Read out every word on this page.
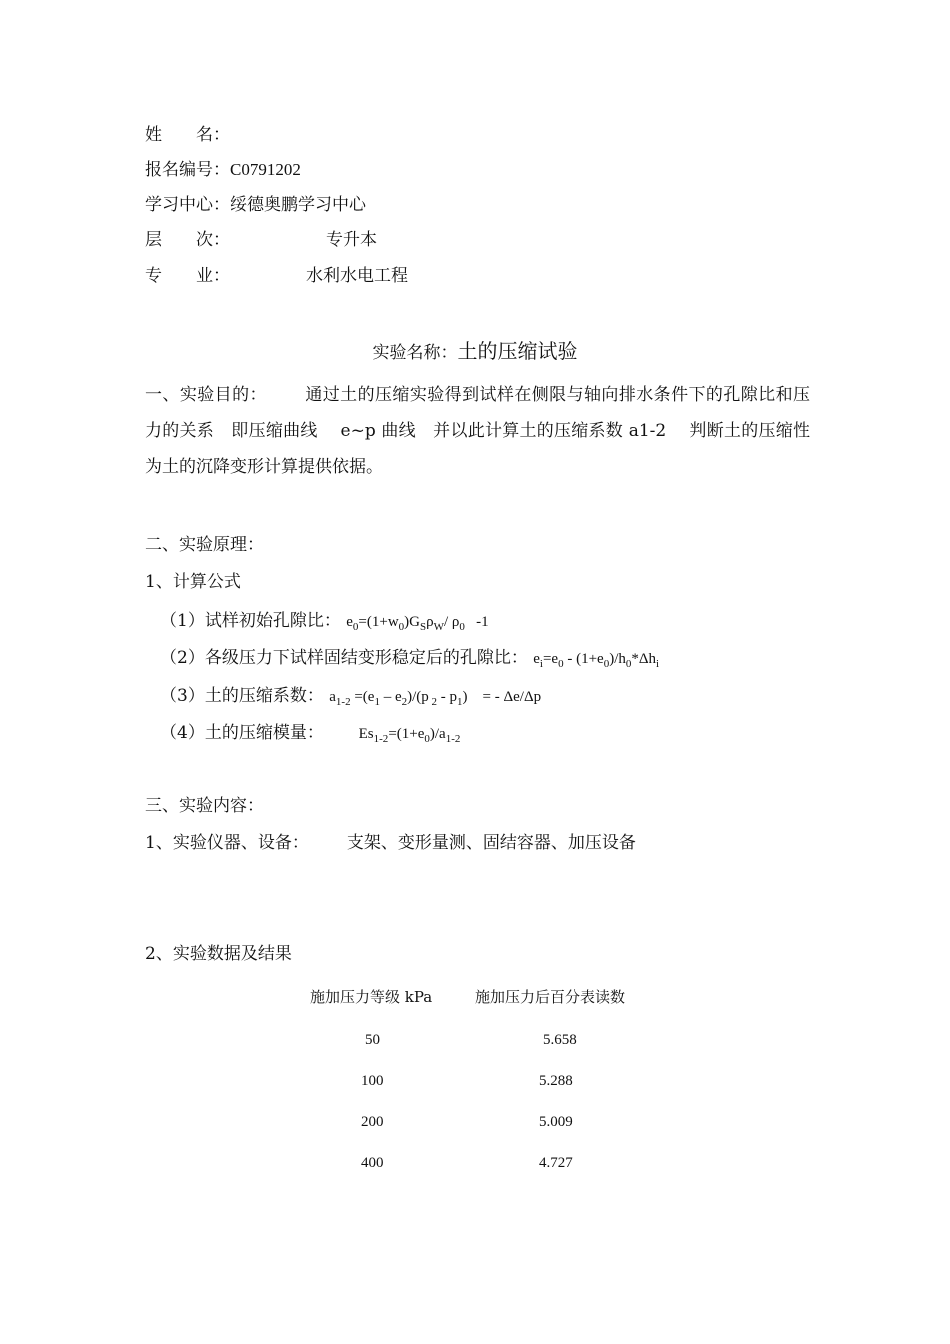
姓　　名：
报名编号：C0791202
学习中心：绥德奥鹏学习中心
层　　次：	专升本
专　　业：	水利水电工程
实验名称：土的压缩试验
一、实验目的： 通过土的压缩实验得到试样在侧限与轴向排水条件下的孔隙比和压力的关系　即压缩曲线　 e~p 曲线　并以此计算土的压缩系数 a1-2　 判断土的压缩性　为土的沉降变形计算提供依据。
二、实验原理：
1、计算公式
（1）试样初始孔隙比： $e_0=(1+w_0)G_S\rho_W/$ $\rho_0$   -1
（2）各级压力下试样固结变形稳定后的孔隙比： $e_i=e_0 - (1+e_0)/h_0*\Delta h_i$
（3）土的压缩系数： $a_{1-2} =(e_1 - e_2)/(p$ $_2 - p_1$)    = - Δe/Δp
（4）土的压缩模量： $Es_{1-2}=(1+e_0)/a_{1-2}$
三、实验内容：
1、实验仪器、设备： 支架、变形量测、固结容器、加压设备
2、实验数据及结果
施加压力等级 kPa	施加压力后百分表读数
50	5.658
100	5.288
200	5.009
400	4.727
